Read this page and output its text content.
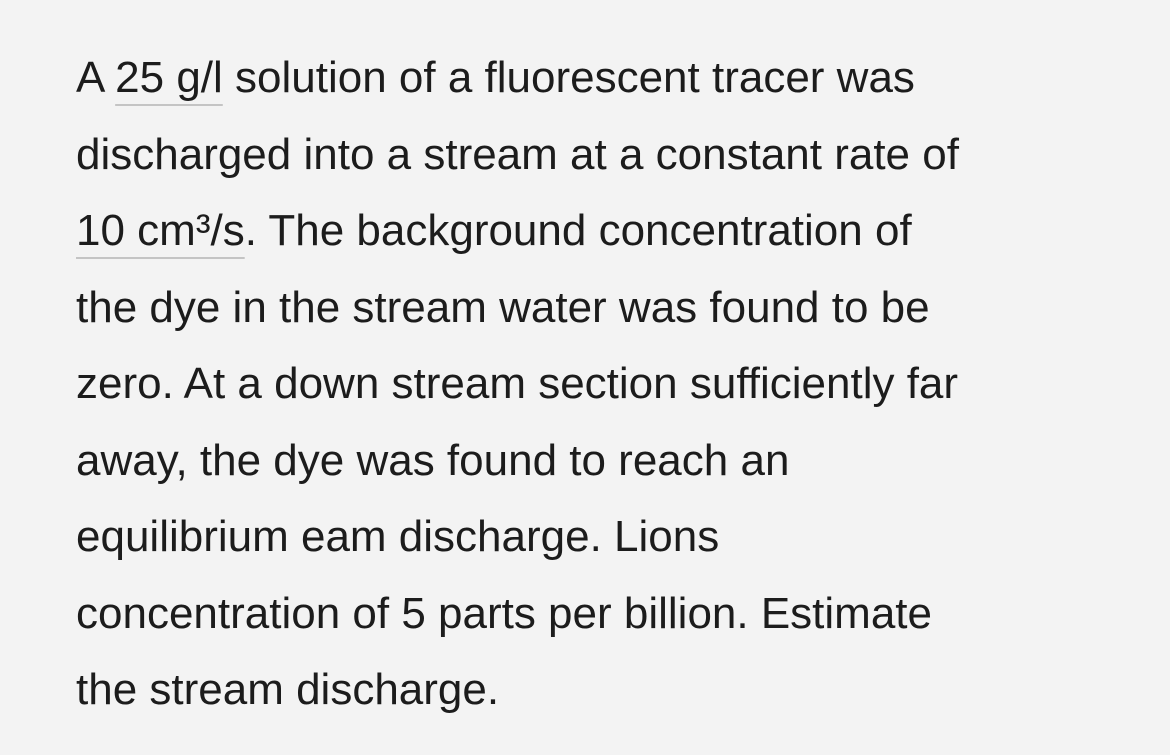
A 25 g/l solution of a fluorescent tracer was
discharged into a stream at a constant rate of
10 cm³/s. The background concentration of
the dye in the stream water was found to be
zero. At a down stream section sufficiently far
away, the dye was found to reach an
equilibrium eam discharge. Lions
concentration of 5 parts per billion. Estimate
the stream discharge.
